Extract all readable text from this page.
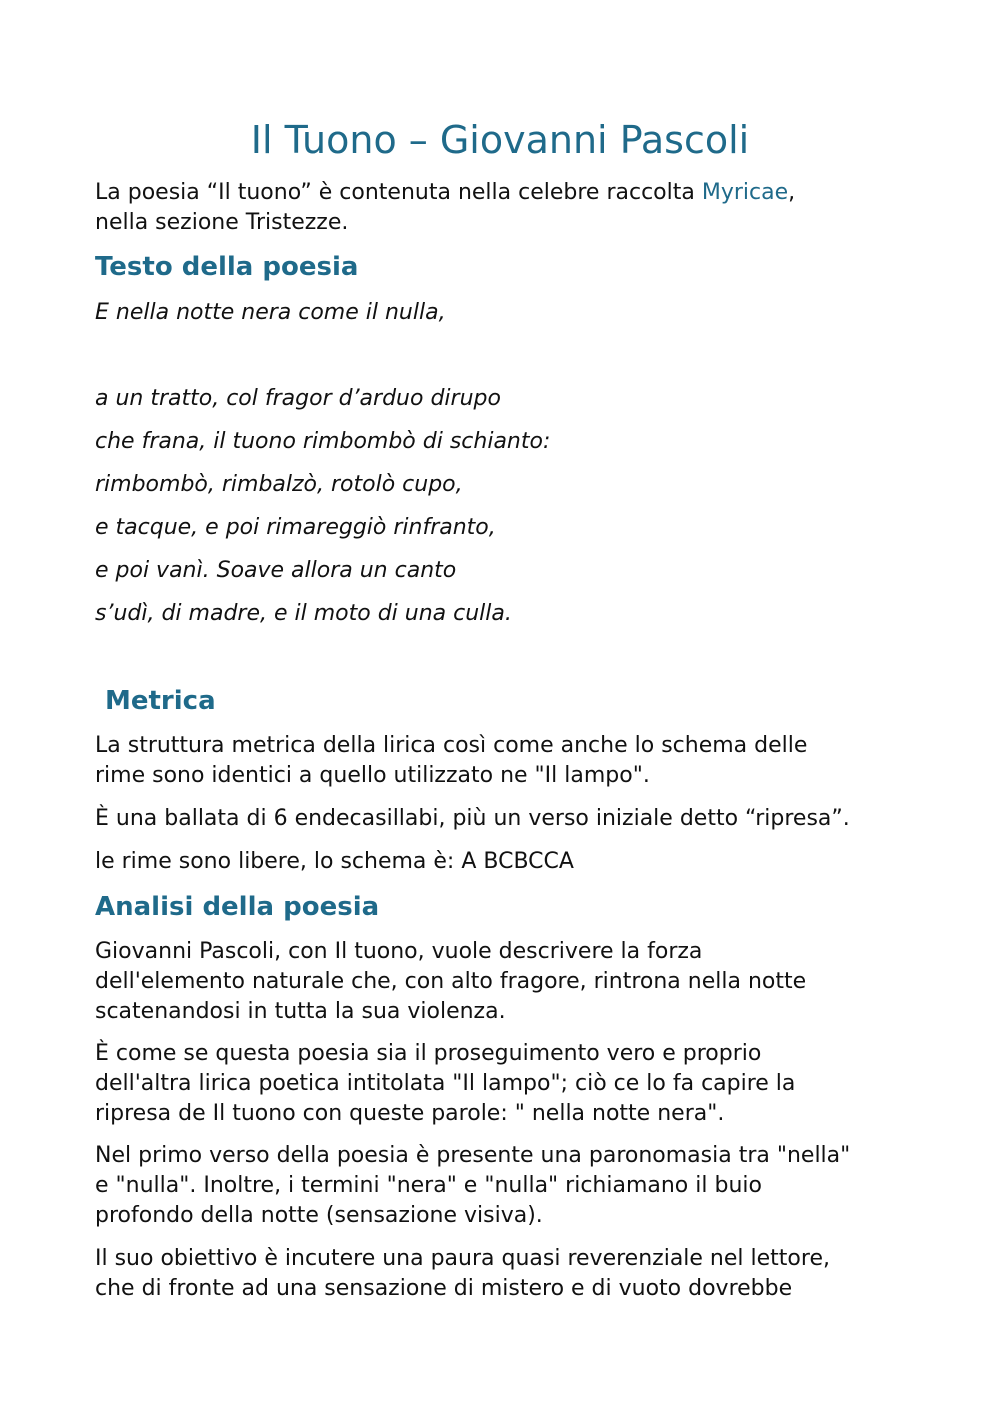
Il Tuono – Giovanni Pascoli

La poesia “Il tuono” è contenuta nella celebre raccolta Myricae,
nella sezione Tristezze.

Testo della poesia

E nella notte nera come il nulla,

a un tratto, col fragor d’arduo dirupo

che frana, il tuono rimbombò di schianto:

rimbombò, rimbalzò, rotolò cupo,

e tacque, e poi rimareggiò rinfranto,

e poi vanì. Soave allora un canto

s’udì, di madre, e il moto di una culla.

Metrica

La struttura metrica della lirica così come anche lo schema delle
rime sono identici a quello utilizzato ne "Il lampo".

È una ballata di 6 endecasillabi, più un verso iniziale detto “ripresa”.

le rime sono libere, lo schema è: A BCBCCA

Analisi della poesia

Giovanni Pascoli, con Il tuono, vuole descrivere la forza
dell'elemento naturale che, con alto fragore, rintrona nella notte
scatenandosi in tutta la sua violenza.

È come se questa poesia sia il proseguimento vero e proprio
dell'altra lirica poetica intitolata "Il lampo"; ciò ce lo fa capire la
ripresa de Il tuono con queste parole: " nella notte nera".

Nel primo verso della poesia è presente una paronomasia tra "nella"
e "nulla". Inoltre, i termini "nera" e "nulla" richiamano il buio
profondo della notte (sensazione visiva).

Il suo obiettivo è incutere una paura quasi reverenziale nel lettore,
che di fronte ad una sensazione di mistero e di vuoto dovrebbe
